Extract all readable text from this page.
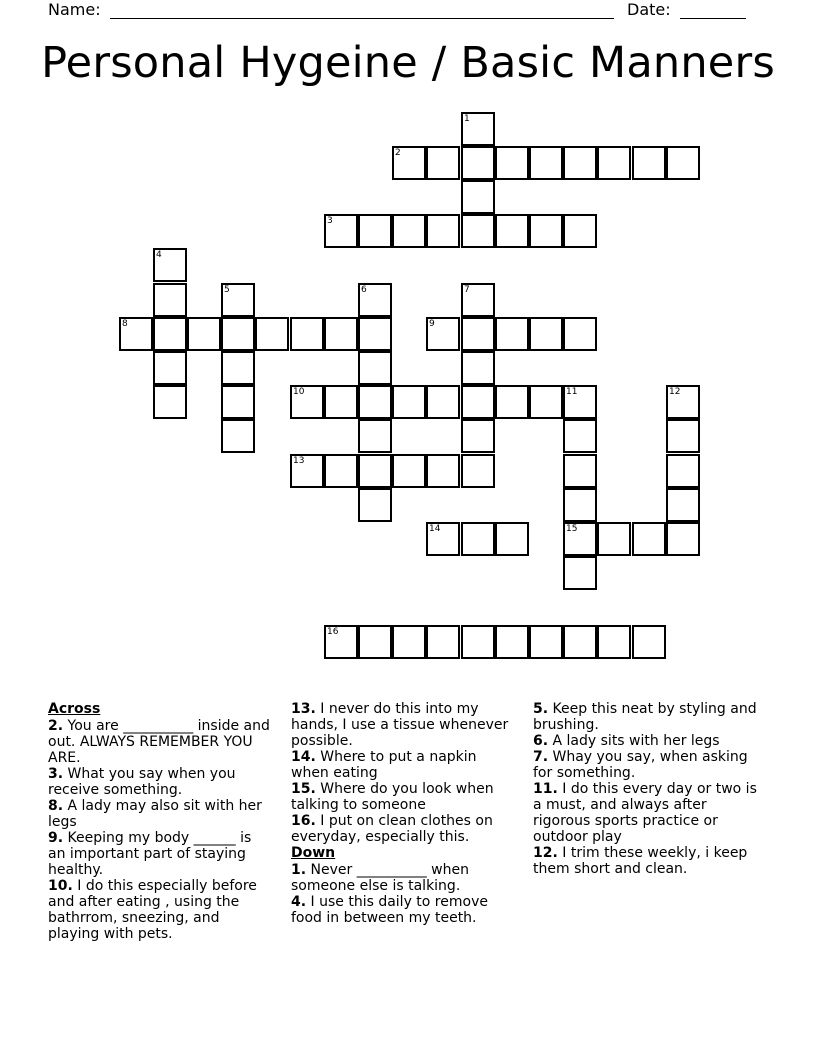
Name:	Date:
Personal Hygeine / Basic Manners
1
2
3
4
5	6	7
8	9
10	11	12
13
14	15
16
Across
2. You are __________ inside and out. ALWAYS REMEMBER YOU ARE.
3. What you say when you receive something.
8. A lady may also sit with her legs
9. Keeping my body ______ is an important part of staying healthy.
10. I do this especially before and after eating , using the bathrrom, sneezing, and playing with pets.
13. I never do this into my hands, I use a tissue whenever possible.
14. Where to put a napkin when eating
15. Where do you look when talking to someone
16. I put on clean clothes on everyday, especially this.
Down
1. Never __________ when someone else is talking.
4. I use this daily to remove food in between my teeth.
5. Keep this neat by styling and brushing.
6. A lady sits with her legs
7. Whay you say, when asking for something.
11. I do this every day or two is a must, and always after rigorous sports practice or outdoor play
12. I trim these weekly, i keep them short and clean.
